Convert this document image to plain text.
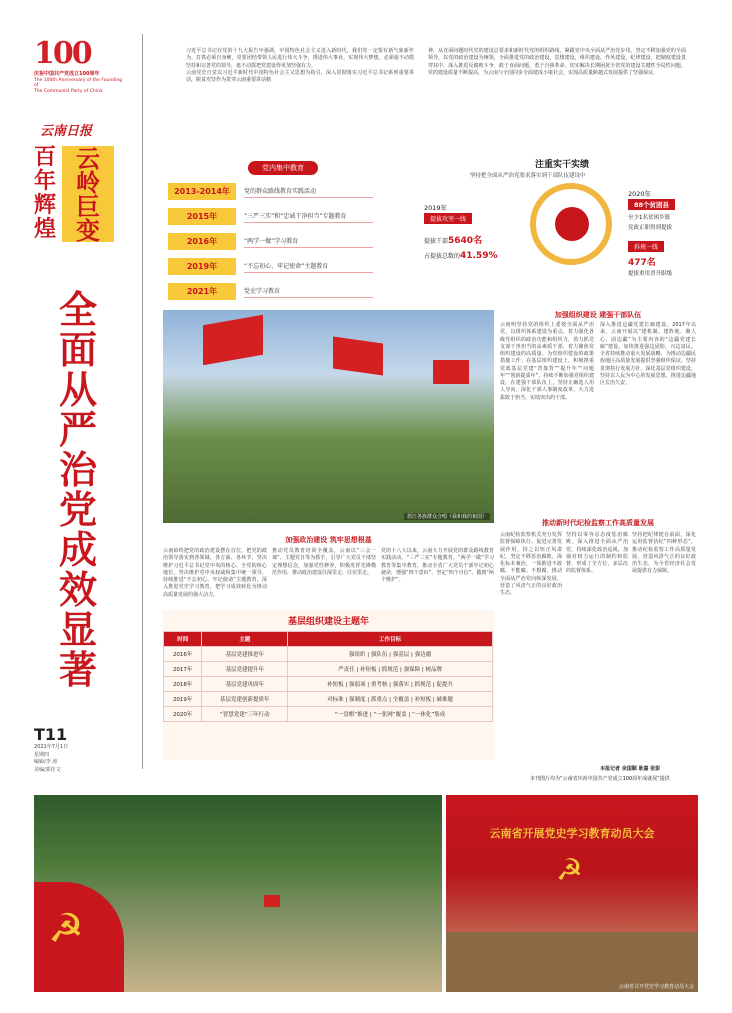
100
庆祝中国共产党成立100周年
The 100th Anniversary of the Founding of
The Communist Party of China
云南日报
百
年
辉
煌
云
岭
巨
变
全
面
从
严
治
党
成
效
显
著
T11
2021年7月1日
星期四
编辑/李 涛
美编/郭佳文

习近平总书记在党的十九大报告中强调，中国特色社会主义进入新时代，我们党一定要有新气象新作为，打铁必须自身硬，党要团结带领人民进行伟大斗争，推进伟大事业，实现伟大梦想，必须毫不动摇坚持和完善党的领导，毫不动摇把党建设得更加坚强有力。

云南党史自觉以习近平新时代中国特色社会主义思想为指引，深入贯彻落实习近平总书记系列重要讲话，脱贫攻坚作为贯穿云南重要讲话精

神，从直面问题时代党的建设总要求和新时代党的组织路线，紧跟党中央全面从严治党步伐，坚定不移加强党的全面领导，以党的政治建设为统领，全面推进党的政治建设，思想建设，组织建设，作风建设，纪律建设，把制度建设贯穿其中，深入推进反腐败斗争，敢于直面问题，勇于自我革命，切实解决长期困扰全省党的建设关键性全局性问题，党的建设质量不断提高，为云南与全国同步全面建成小康社会，实现高质量跨越式发展提供了坚强保证。

党内集中教育
2013-2014年	党的群众路线教育实践活动
2015年	“三严三实”和“忠诚干净担当”专题教育
2016年	“两学一做”学习教育
2019年	“不忘初心、牢记使命”主题教育
2021年	党史学习教育
注重实干实绩
坚持把全面从严治党要求落实到干部队伍建设中
2019年
提拔攻坚一线
提拔干部5640名
占提拔总数的41.59%
2020年
88个贫困县
至少1名贫困乡镇
党政正职得到提拔
拆规一线
477名
提拔重用晋升职级
怒江各族群众合唱《我和我的祖国》
加强组织建设 建强干部队伍
云南明坚持党的组织上委按全面从严治党，以组织体系建设为重点，着力强化各级党组织的政治功能和组织力，着力抓党支部干净担当的高素质干部，着力聚焦党组织建设的高质量、为党组织建设的政策措施工作。在基层组织建设上，积极推重党政基层党建“背靠背”“提升年”“问题年”“创新提质年”，持续不断加强党组织建设。在建强干部队伍上，坚持正确选人用人导向，深化干部人事制度改革，大力选拔敢于担当、实绩突出的干部。
深入推进边疆党建长廊建设，2017年以来，云南开展以“建机制、建阵地、聚人心、固边疆”为主要内容的“边疆党建长廊”建设，加快推进强边固防、兴边富民。全省持续推动重大发展战略，为推动边疆民族地区高质量发展提供坚强组织保证。坚持贯彻执行发展方针，深化基层党组织建设，坚持以人民为中心的发展思想，推进边疆地区长治久安。
加强政治建设 筑牢思想根基
云南始终把党的政治建设摆在首位，把党的政治领导落实到各领域、各方面、各环节，坚决维护习近平总书记党中央的核心、全党的核心地位，坚决维护党中央权威和集中统一领导，持续推进“不忘初心、牢记使命”主题教育，深入推进党史学习教育，把学习成效转化为推动高质量发展的强大动力。
推动党员教育培训全覆盖，云南以“三会一课”、主题党日等为抓手，引导广大党员干部坚定理想信念，加强党性修养，积极发挥先锋模范作用，推动政治建设往深里走、往实里走。
党的十八大以来，云南大力开展党的群众路线教育实践活动、“三严三实”专题教育、“两学一做”学习教育等集中教育，推动全省广大党员干部牢记初心使命，增强“四个意识”、坚定“四个自信”、做到“两个维护”。
基层组织建设主题年
时间	主题	工作目标
2016年	基层党建推进年	强组织 | 强队伍 | 强基层 | 强边疆
2017年	基层党建提升年	严责任 | 补短板 | 抓规范 | 强保障 | 树品牌
2018年	基层党建巩固年	补短板 | 强弱项 | 重考核 | 强落实 | 抓规范 | 促提升
2019年	基层党建创新提质年	对标准 | 强制度 | 抓重点 | 全覆盖 | 补短板 | 破难题
2020年	“智慧党建”三年行动	“一盘棋”推进 | “一张网”覆盖 | “一体化”集成
推动新时代纪检监察工作高质量发展
云南纪检监察机关充分发挥监督保障执行、促进完善发展作用，持之以恒正风肃纪，坚定不移惩治腐败，深化标本兼治，一体推进不敢腐、不能腐、不想腐，推动全面从严治党向纵深发展，营造了风清气正的良好政治生态。
坚持以零容忍态度惩治腐败，深入推进全面从严治党，持续深化政治巡视，加强对权力运行的制约和监督，形成了全方位、多层次的监督体系。
坚持把纪律挺在前面，深化运用监督执纪“四种形态”，推动纪检监察工作高质量发展，营造风清气正的良好政治生态，为全省经济社会发展提供有力保障。
本报记者 余国顺 耿嘉 张彭
本刊图片均为“云南省庆祝中国共产党成立100周年成就展”提供
☭
云南省开展党史学习教育动员大会
☭
云南省召开党史学习教育动员大会
